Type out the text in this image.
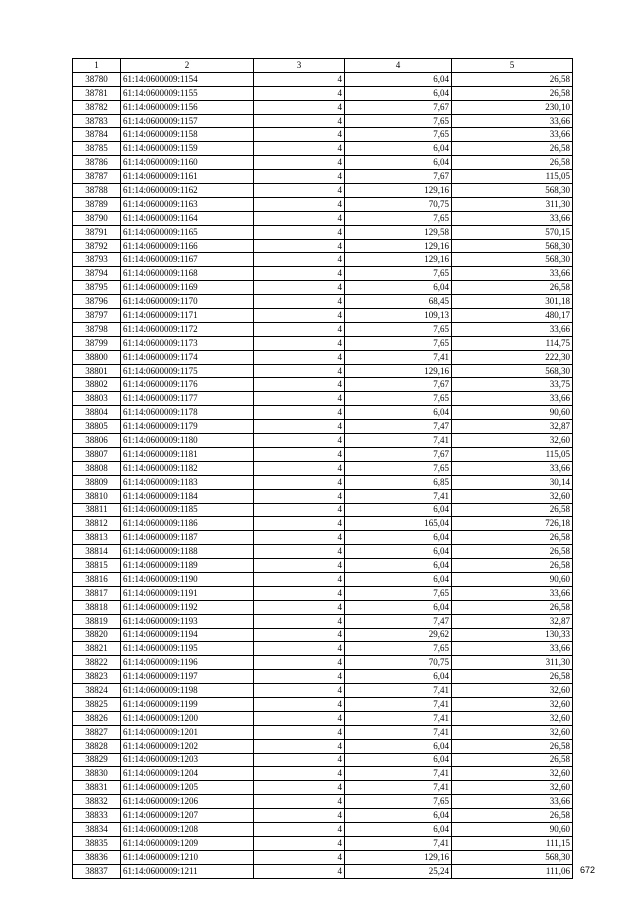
1	2	3	4	5
38780	61:14:0600009:1154	4	6,04	26,58
38781	61:14:0600009:1155	4	6,04	26,58
38782	61:14:0600009:1156	4	7,67	230,10
38783	61:14:0600009:1157	4	7,65	33,66
38784	61:14:0600009:1158	4	7,65	33,66
38785	61:14:0600009:1159	4	6,04	26,58
38786	61:14:0600009:1160	4	6,04	26,58
38787	61:14:0600009:1161	4	7,67	115,05
38788	61:14:0600009:1162	4	129,16	568,30
38789	61:14:0600009:1163	4	70,75	311,30
38790	61:14:0600009:1164	4	7,65	33,66
38791	61:14:0600009:1165	4	129,58	570,15
38792	61:14:0600009:1166	4	129,16	568,30
38793	61:14:0600009:1167	4	129,16	568,30
38794	61:14:0600009:1168	4	7,65	33,66
38795	61:14:0600009:1169	4	6,04	26,58
38796	61:14:0600009:1170	4	68,45	301,18
38797	61:14:0600009:1171	4	109,13	480,17
38798	61:14:0600009:1172	4	7,65	33,66
38799	61:14:0600009:1173	4	7,65	114,75
38800	61:14:0600009:1174	4	7,41	222,30
38801	61:14:0600009:1175	4	129,16	568,30
38802	61:14:0600009:1176	4	7,67	33,75
38803	61:14:0600009:1177	4	7,65	33,66
38804	61:14:0600009:1178	4	6,04	90,60
38805	61:14:0600009:1179	4	7,47	32,87
38806	61:14:0600009:1180	4	7,41	32,60
38807	61:14:0600009:1181	4	7,67	115,05
38808	61:14:0600009:1182	4	7,65	33,66
38809	61:14:0600009:1183	4	6,85	30,14
38810	61:14:0600009:1184	4	7,41	32,60
38811	61:14:0600009:1185	4	6,04	26,58
38812	61:14:0600009:1186	4	165,04	726,18
38813	61:14:0600009:1187	4	6,04	26,58
38814	61:14:0600009:1188	4	6,04	26,58
38815	61:14:0600009:1189	4	6,04	26,58
38816	61:14:0600009:1190	4	6,04	90,60
38817	61:14:0600009:1191	4	7,65	33,66
38818	61:14:0600009:1192	4	6,04	26,58
38819	61:14:0600009:1193	4	7,47	32,87
38820	61:14:0600009:1194	4	29,62	130,33
38821	61:14:0600009:1195	4	7,65	33,66
38822	61:14:0600009:1196	4	70,75	311,30
38823	61:14:0600009:1197	4	6,04	26,58
38824	61:14:0600009:1198	4	7,41	32,60
38825	61:14:0600009:1199	4	7,41	32,60
38826	61:14:0600009:1200	4	7,41	32,60
38827	61:14:0600009:1201	4	7,41	32,60
38828	61:14:0600009:1202	4	6,04	26,58
38829	61:14:0600009:1203	4	6,04	26,58
38830	61:14:0600009:1204	4	7,41	32,60
38831	61:14:0600009:1205	4	7,41	32,60
38832	61:14:0600009:1206	4	7,65	33,66
38833	61:14:0600009:1207	4	6,04	26,58
38834	61:14:0600009:1208	4	6,04	90,60
38835	61:14:0600009:1209	4	7,41	111,15
38836	61:14:0600009:1210	4	129,16	568,30
38837	61:14:0600009:1211	4	25,24	111,06	672
